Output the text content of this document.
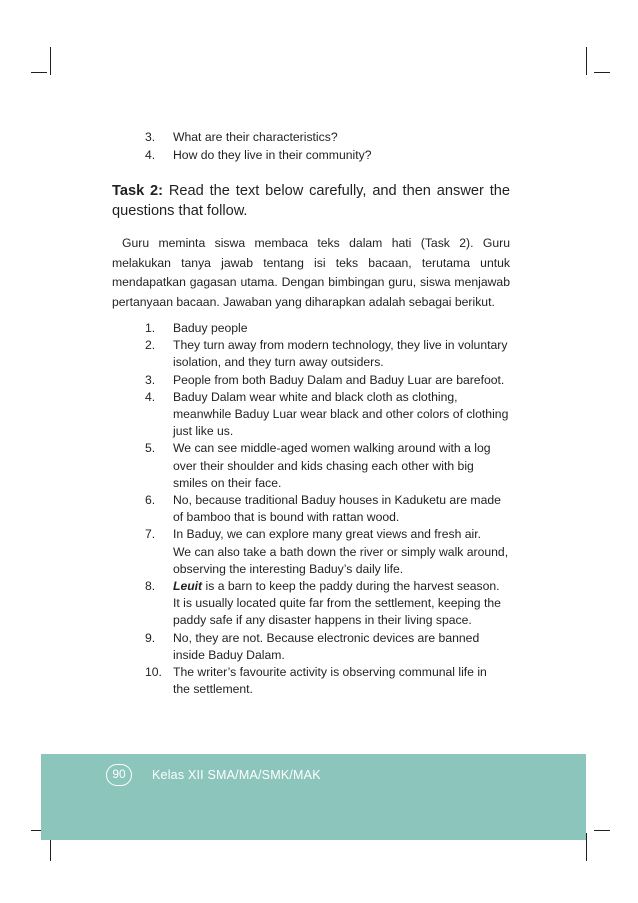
3.	What are their characteristics?
4.	How do they live in their community?
Task 2: Read the text below carefully, and then answer the questions that follow.
Guru meminta siswa membaca teks dalam hati (Task 2). Guru melakukan tanya jawab tentang isi teks bacaan, terutama untuk mendapatkan gagasan utama. Dengan bimbingan guru, siswa menjawab pertanyaan bacaan. Jawaban yang diharapkan adalah sebagai berikut.
1.	Baduy people
2.	They turn away from modern technology, they live in voluntary
isolation, and they turn away outsiders.
3.	People from both Baduy Dalam and Baduy Luar are barefoot.
4.	Baduy Dalam wear white and black cloth as clothing,
meanwhile Baduy Luar wear black and other colors of clothing
just like us.
5.	We can see middle-aged women walking around with a log
over their shoulder and kids chasing each other with big
smiles on their face.
6.	No, because traditional Baduy houses in Kaduketu are made
of bamboo that is bound with rattan wood.
7.	In Baduy, we can explore many great views and fresh air.
We can also take a bath down the river or simply walk around,
observing the interesting Baduy’s daily life.
8.	Leuit is a barn to keep the paddy during the harvest season.
It is usually located quite far from the settlement, keeping the
paddy safe if any disaster happens in their living space.
9.	No, they are not. Because electronic devices are banned
inside Baduy Dalam.
10. The writer’s favourite activity is observing communal life in
the settlement.
90	Kelas XII SMA/MA/SMK/MAK
